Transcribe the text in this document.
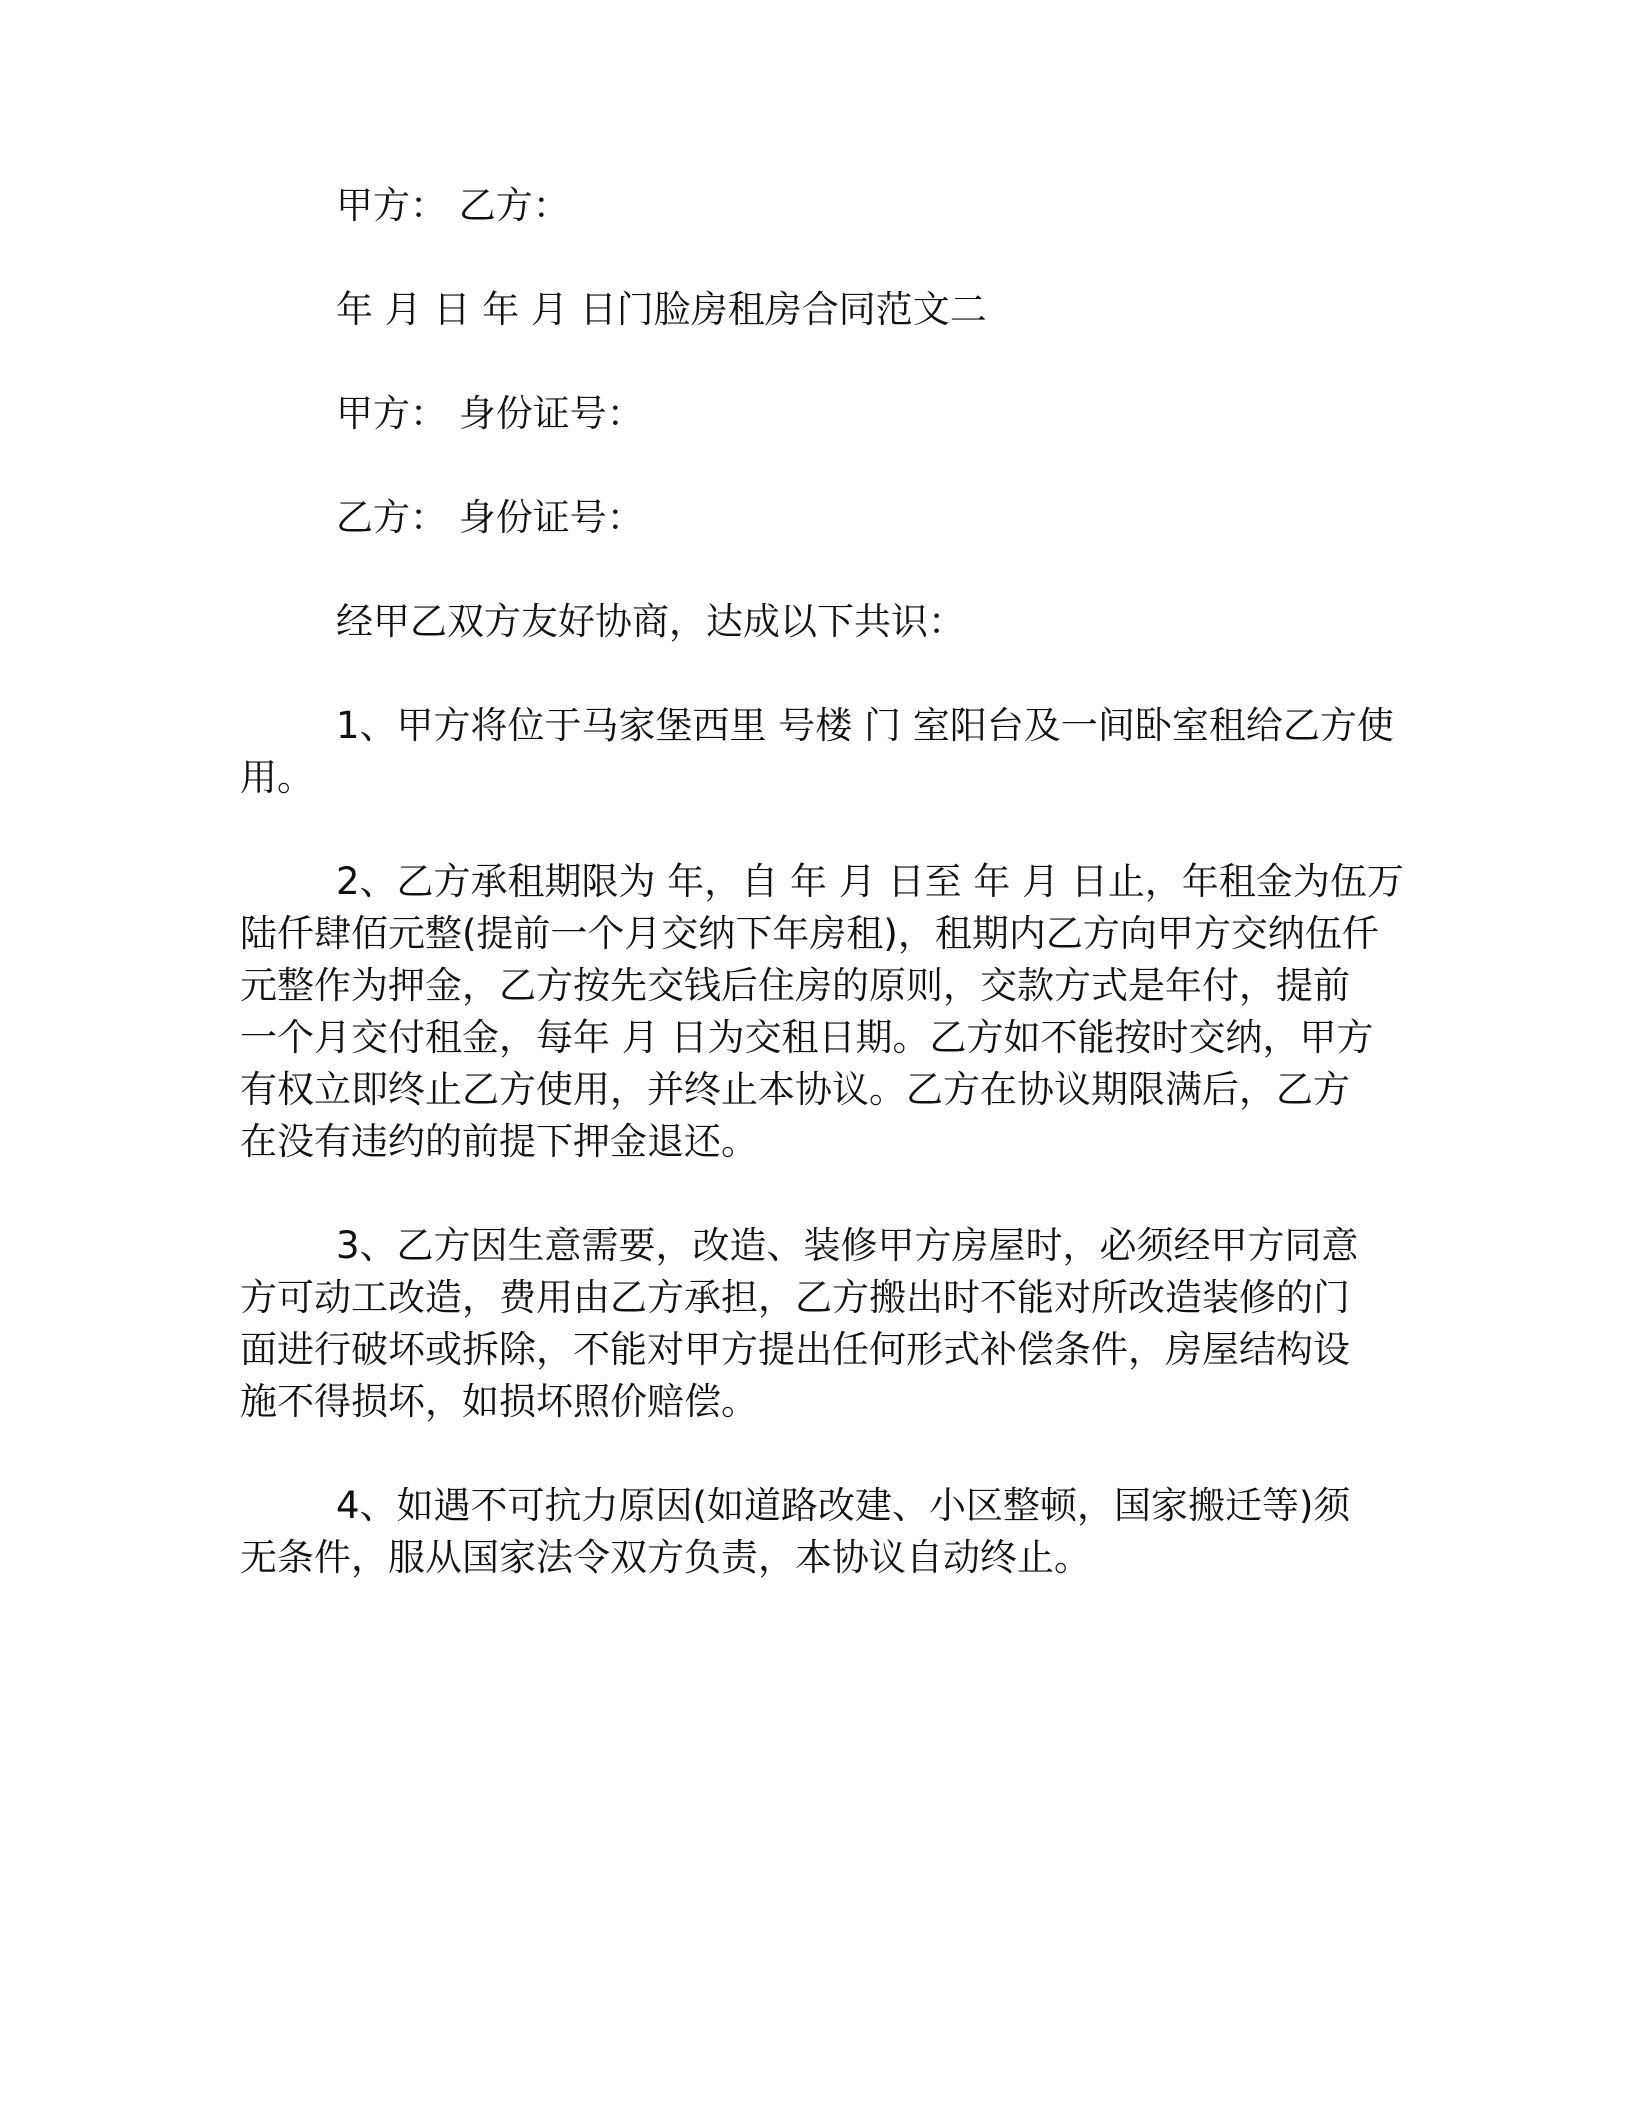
甲方： 乙方：
年 月 日 年 月 日门脸房租房合同范文二
甲方： 身份证号：
乙方： 身份证号：
经甲乙双方友好协商，达成以下共识：
1、甲方将位于马家堡西里 号楼 门 室阳台及一间卧室租给乙方使
用。
2、乙方承租期限为 年，自 年 月 日至 年 月 日止，年租金为伍万
陆仟肆佰元整(提前一个月交纳下年房租)，租期内乙方向甲方交纳伍仟
元整作为押金，乙方按先交钱后住房的原则，交款方式是年付，提前
一个月交付租金，每年 月 日为交租日期。乙方如不能按时交纳，甲方
有权立即终止乙方使用，并终止本协议。乙方在协议期限满后，乙方
在没有违约的前提下押金退还。
3、乙方因生意需要，改造、装修甲方房屋时，必须经甲方同意
方可动工改造，费用由乙方承担，乙方搬出时不能对所改造装修的门
面进行破坏或拆除，不能对甲方提出任何形式补偿条件，房屋结构设
施不得损坏，如损坏照价赔偿。
4、如遇不可抗力原因(如道路改建、小区整顿，国家搬迁等)须
无条件，服从国家法令双方负责，本协议自动终止。
